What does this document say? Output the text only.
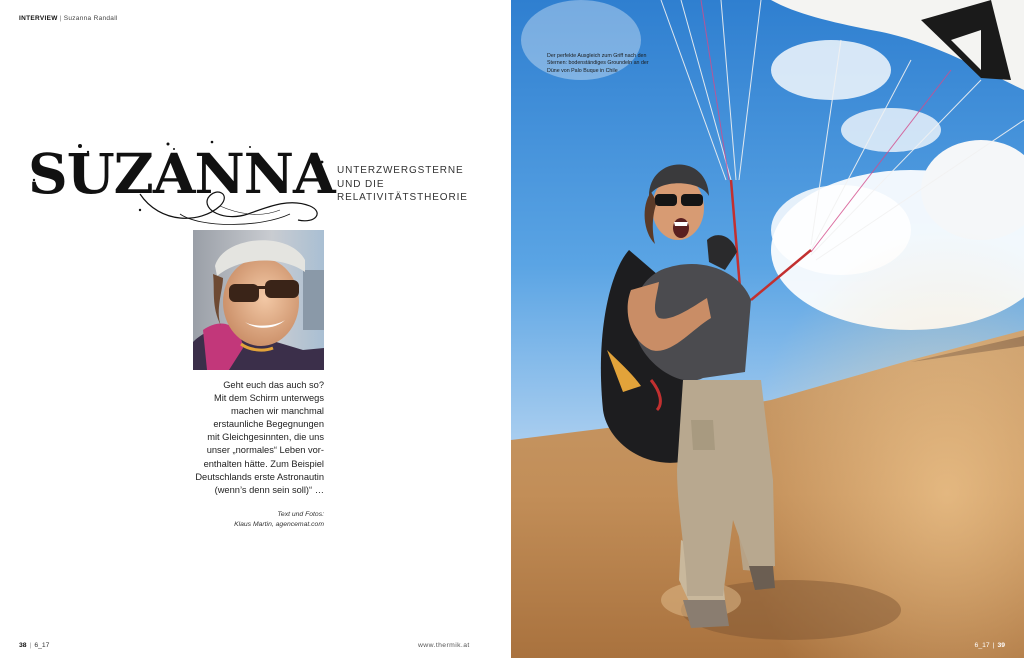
INTERVIEW | Suzanna Randall
SUZANNA UNTERZWERGSTERNE
UND DIE
RELATIVITÄTSTHEORIE
Geht euch das auch so?
Mit dem Schirm unterwegs
machen wir manchmal
erstaunliche Begegnungen
mit Gleichgesinnten, die uns
unser „normales“ Leben vor-
enthalten hätte. Zum Beispiel
Deutschlands erste Astronautin
(wenn’s denn sein soll)“ …
Text und Fotos:
Klaus Martin, agencemat.com
38 | 6_17	www.thermik.at
Der perfekte Ausgleich zum Griff nach den
Sternen: bodenständiges Groundeln an der
Düne von Palo Buque in Chile
6_17 | 39
